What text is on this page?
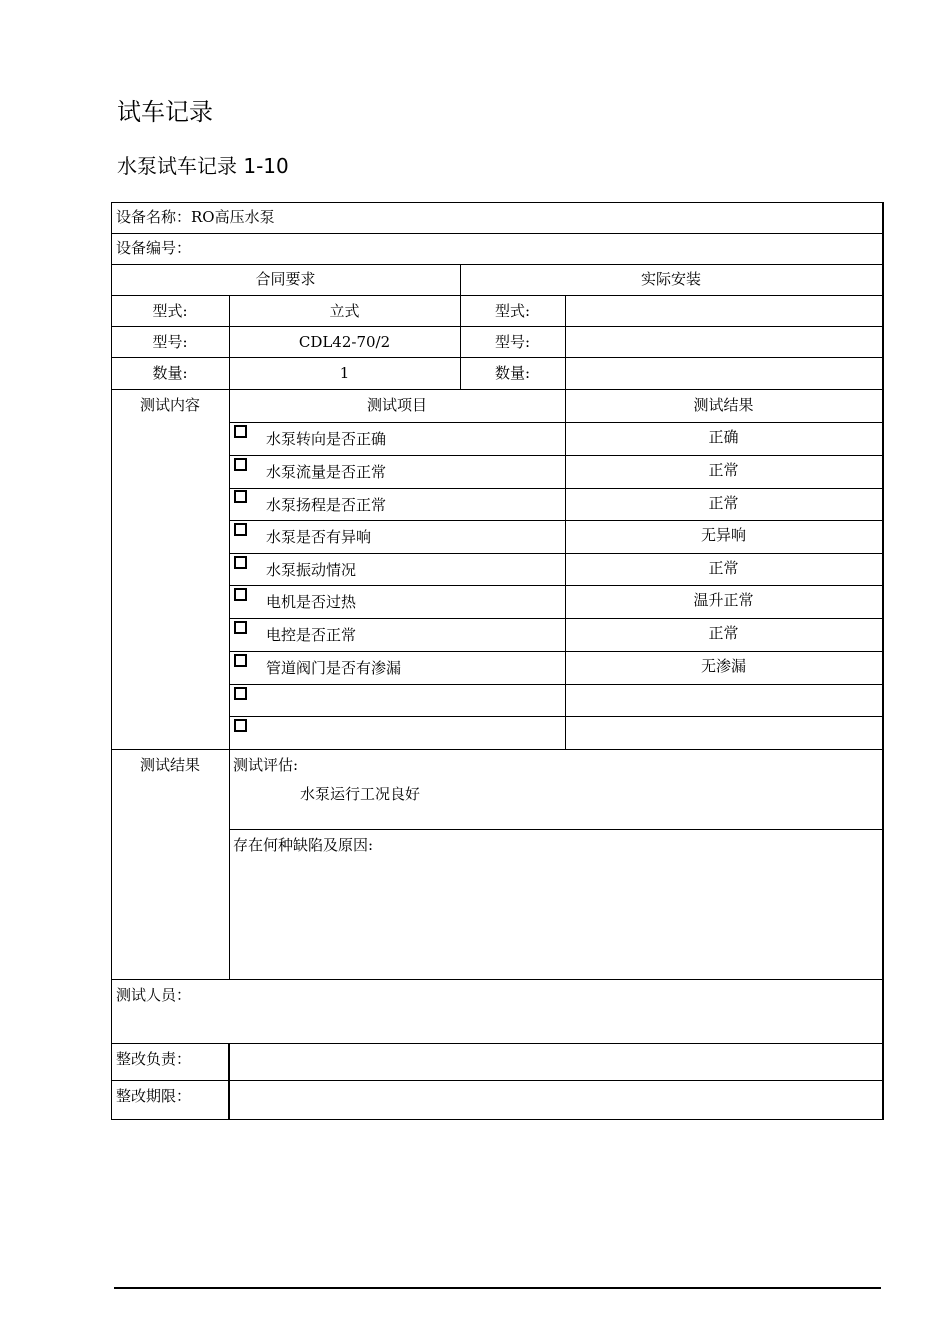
试车记录
水泵试车记录 1-10
设备名称：RO高压水泵
设备编号：
合同要求	实际安装
型式:	立式	型式:
型号:	CDL42-70/2	型号:
数量:	1	数量:
测试内容	测试项目	测试结果
水泵转向是否正确	正确
水泵流量是否正常	正常
水泵扬程是否正常	正常
水泵是否有异响	无异响
水泵振动情况	正常
电机是否过热	温升正常
电控是否正常	正常
管道阀门是否有渗漏	无渗漏
测试结果	测试评估:
水泵运行工况良好
存在何种缺陷及原因:
测试人员：
整改负责：
整改期限：
